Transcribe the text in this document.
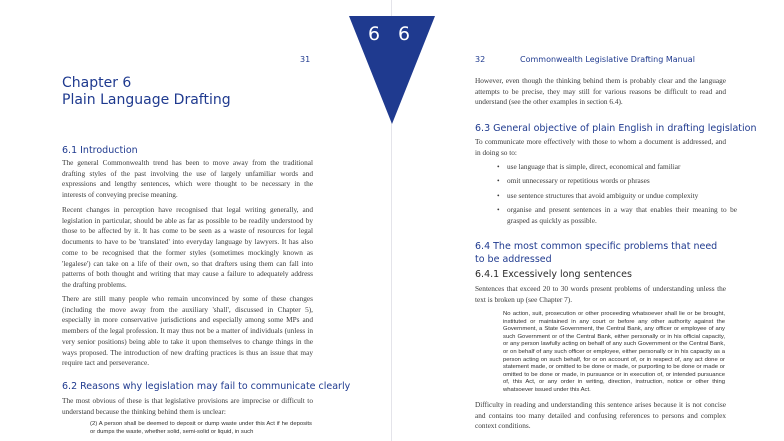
31
Chapter 6
Plain Language Drafting
6.1 Introduction
The general Commonwealth trend has been to move away from the traditional drafting styles of the past involving the use of largely unfamiliar words and expressions and lengthy sentences, which were thought to be necessary in the interests of conveying precise meaning.
Recent changes in perception have recognised that legal writing generally, and legislation in particular, should be able as far as possible to be readily understood by those to be affected by it. It has come to be seen as a waste of resources for legal documents to have to be 'translated' into everyday language by lawyers. It has also come to be recognised that the former styles (sometimes mockingly known as 'legalese') can take on a life of their own, so that drafters using them can fall into patterns of both thought and writing that may cause a failure to adequately address the drafting problems.
There are still many people who remain unconvinced by some of these changes (including the move away from the auxiliary 'shall', discussed in Chapter 5), especially in more conservative jurisdictions and especially among some MPs and members of the legal profession. It may thus not be a matter of individuals (unless in very senior positions) being able to take it upon themselves to change things in the ways proposed. The introduction of new drafting practices is thus an issue that may require tact and perseverance.
6.2 Reasons why legislation may fail to communicate clearly
The most obvious of these is that legislative provisions are imprecise or difficult to understand because the thinking behind them is unclear:
(2) A person shall be deemed to deposit or dump waste under this Act if he deposits or dumps the waste, whether solid, semi-solid or liquid, in such
32	Commonwealth Legislative Drafting Manual
However, even though the thinking behind them is probably clear and the language attempts to be precise, they may still for various reasons be difficult to read and understand (see the other examples in section 6.4).
6.3 General objective of plain English in drafting legislation
To communicate more effectively with those to whom a document is addressed, and in doing so to:
6.4 The most common specific problems that need to be addressed
6.4.1 Excessively long sentences
Sentences that exceed 20 to 30 words present problems of understanding unless the text is broken up (see Chapter 7).
No action, suit, prosecution or other proceeding whatsoever shall lie or be brought, instituted or maintained in any court or before any other authority against the Government, a State Government, the Central Bank, any officer or employee of any such Government or of the Central Bank, either personally or in his official capacity, or any person lawfully acting on behalf of any such Government or the Central Bank, or on behalf of any such officer or employee, either personally or in his capacity as a person acting on such behalf, for or on account of, or in respect of, any act done or statement made, or omitted to be done or made, or purporting to be done or made or omitted to be done or made, in pursuance or in execution of, or intended pursuance of, this Act, or any order in writing, direction, instruction, notice or other thing whatsoever issued under this Act.
Difficulty in reading and understanding this sentence arises because it is not concise and contains too many detailed and confusing references to persons and complex context conditions.
• use language that is simple, direct, economical and familiar
• omit unnecessary or repetitious words or phrases
• use sentence structures that avoid ambiguity or undue complexity
• organise and present sentences in a way that enables their meaning to be grasped as quickly as possible.
6 6
